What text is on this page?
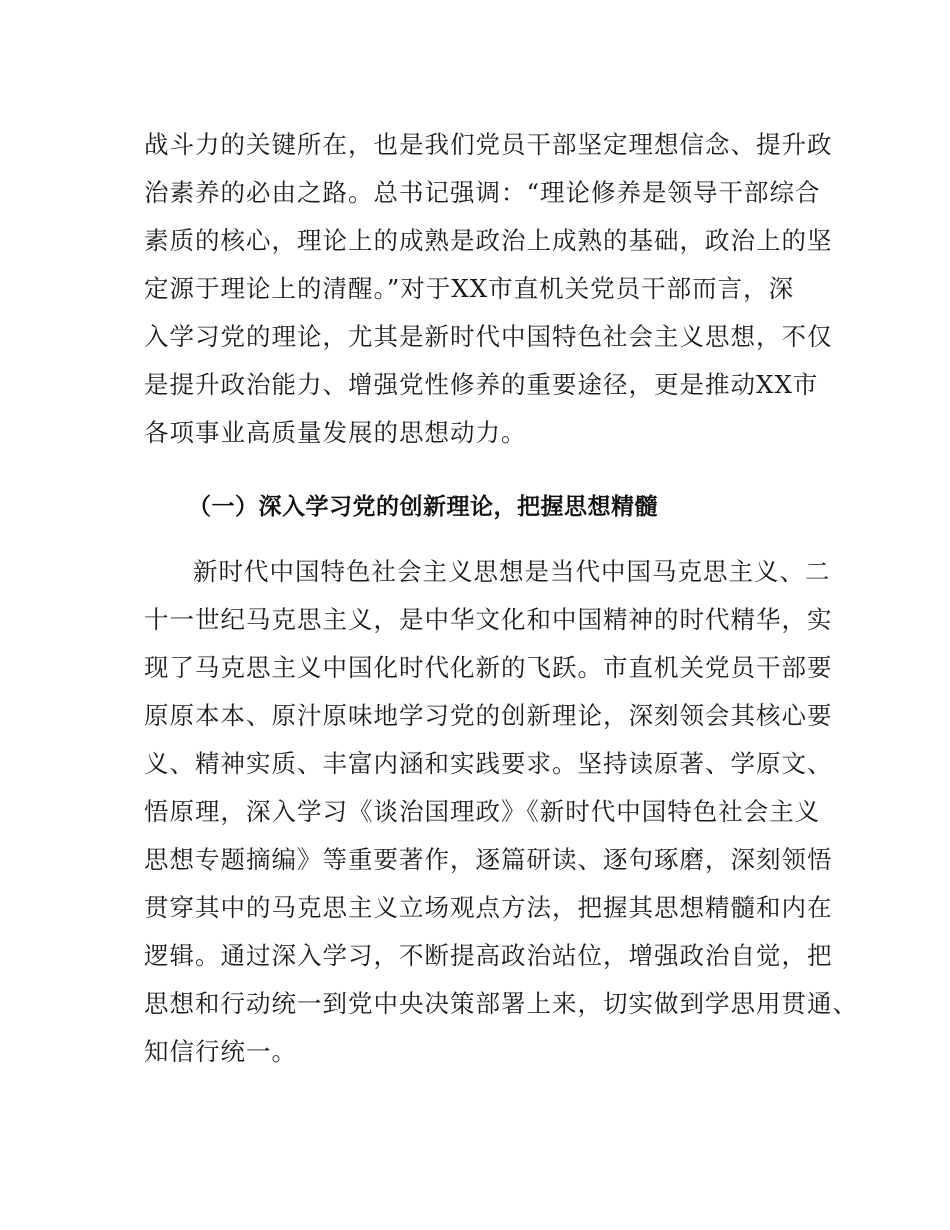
战斗力的关键所在，也是我们党员干部坚定理想信念、提升政
治素养的必由之路。总书记强调：“理论修养是领导干部综合
素质的核心，理论上的成熟是政治上成熟的基础，政治上的坚
定源于理论上的清醒。”对于XX市直机关党员干部而言，深
入学习党的理论，尤其是新时代中国特色社会主义思想，不仅
是提升政治能力、增强党性修养的重要途径，更是推动XX市
各项事业高质量发展的思想动力。
（一）深入学习党的创新理论，把握思想精髓
新时代中国特色社会主义思想是当代中国马克思主义、二
十一世纪马克思主义，是中华文化和中国精神的时代精华，实
现了马克思主义中国化时代化新的飞跃。市直机关党员干部要
原原本本、原汁原味地学习党的创新理论，深刻领会其核心要
义、精神实质、丰富内涵和实践要求。坚持读原著、学原文、
悟原理，深入学习《谈治国理政》《新时代中国特色社会主义
思想专题摘编》等重要著作，逐篇研读、逐句琢磨，深刻领悟
贯穿其中的马克思主义立场观点方法，把握其思想精髓和内在
逻辑。通过深入学习，不断提高政治站位，增强政治自觉，把
思想和行动统一到党中央决策部署上来，切实做到学思用贯通、
知信行统一。
